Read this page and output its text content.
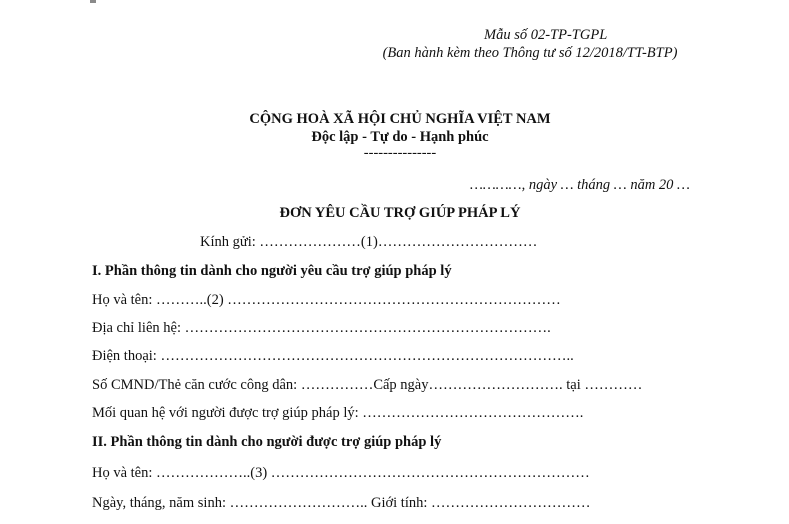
Mẫu số 02-TP-TGPL
(Ban hành kèm theo Thông tư số 12/2018/TT-BTP)
CỘNG HOÀ XÃ HỘI CHỦ NGHĨA VIỆT NAM
Độc lập - Tự do - Hạnh phúc
---------------
…………, ngày … tháng … năm 20 …
ĐƠN YÊU CẦU TRỢ GIÚP PHÁP LÝ
Kính gửi: …………………(1)……………………………
I. Phần thông tin dành cho người yêu cầu trợ giúp pháp lý
Họ và tên: ………..(2) ……………………………………………………………
Địa chỉ liên hệ: ………………………………………………………………….
Điện thoại: …………………………………………………………………………..
Số CMND/Thẻ căn cước công dân: ……………Cấp ngày………………………. tại …………
Mối quan hệ với người được trợ giúp pháp lý: ……………………………………….
II. Phần thông tin dành cho người được trợ giúp pháp lý
Họ và tên: ………………..(3) …………………………………………………………
Ngày, tháng, năm sinh: ……………………….. Giới tính: ……………………………
